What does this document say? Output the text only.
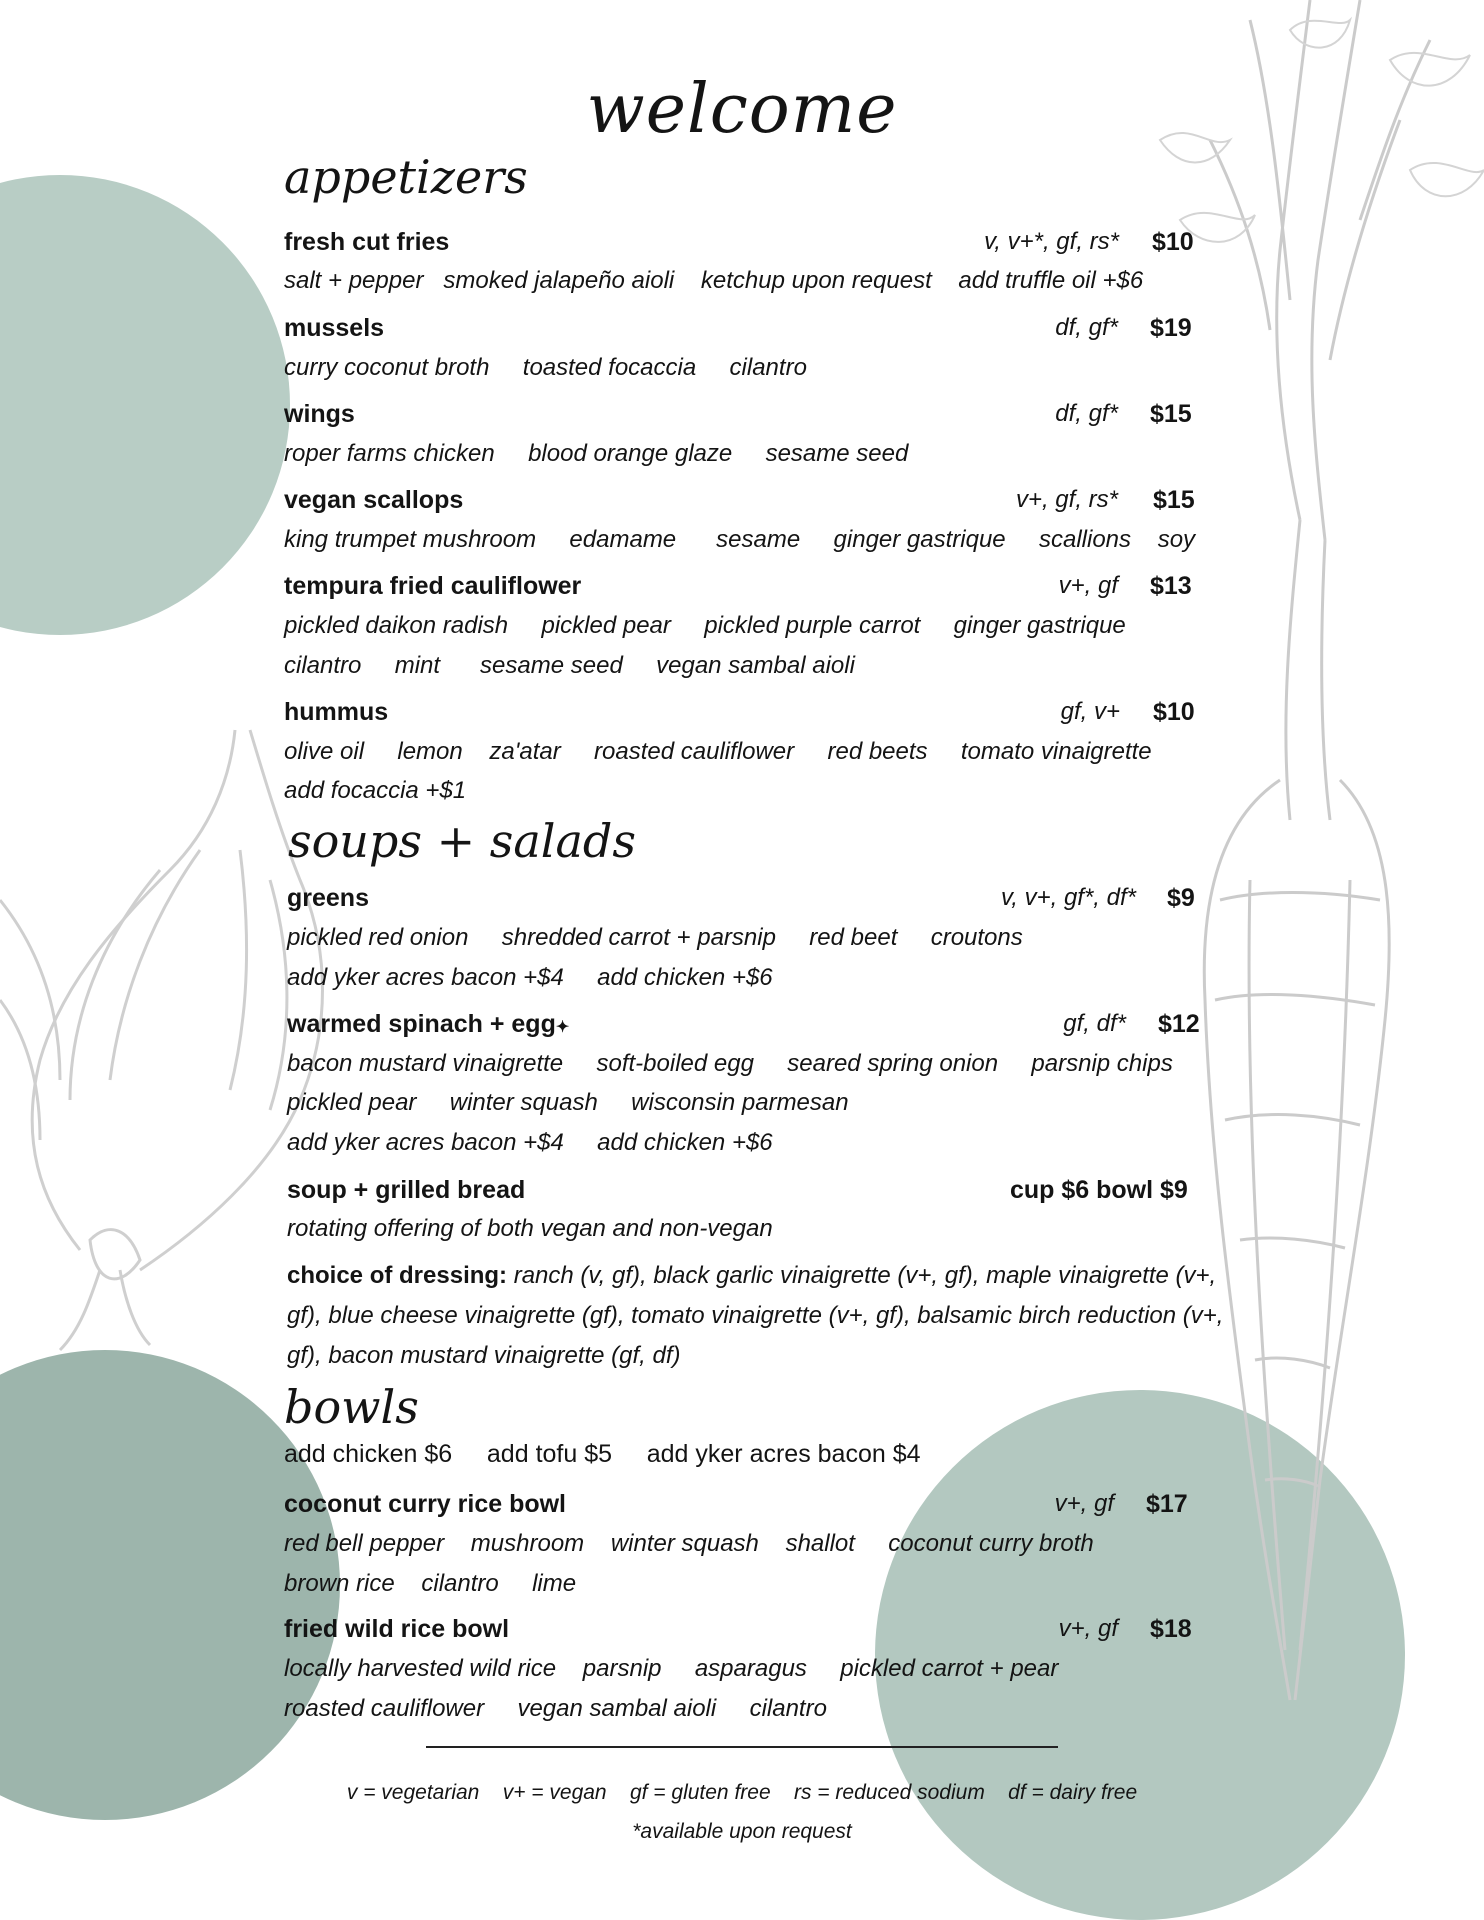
welcome
appetizers
fresh cut fries	v, v+*, gf, rs* $10
salt + pepper   smoked jalapeño aioli    ketchup upon request    add truffle oil +$6
mussels	df, gf* $19
curry coconut broth     toasted focaccia     cilantro
wings	df, gf* $15
roper farms chicken     blood orange glaze     sesame seed
vegan scallops	v+, gf, rs* $15
king trumpet mushroom     edamame      sesame     ginger gastrique     scallions    soy
tempura fried cauliflower	v+, gf $13
pickled daikon radish     pickled pear     pickled purple carrot     ginger gastrique
cilantro     mint      sesame seed     vegan sambal aioli
hummus	gf, v+ $10
olive oil     lemon    za'atar     roasted cauliflower     red beets     tomato vinaigrette
add focaccia +$1
soups + salads
greens	v, v+, gf*, df* $9
pickled red onion     shredded carrot + parsnip     red beet     croutons
add yker acres bacon +$4     add chicken +$6
warmed spinach + egg✦	gf, df* $12
bacon mustard vinaigrette     soft-boiled egg     seared spring onion     parsnip chips
pickled pear     winter squash     wisconsin parmesan
add yker acres bacon +$4     add chicken +$6
soup + grilled bread	cup $6 bowl $9
rotating offering of both vegan and non-vegan
choice of dressing: ranch (v, gf), black garlic vinaigrette (v+, gf), maple vinaigrette (v+, gf), blue cheese vinaigrette (gf), tomato vinaigrette (v+, gf), balsamic birch reduction (v+, gf), bacon mustard vinaigrette (gf, df)
bowls
add chicken $6     add tofu $5     add yker acres bacon $4
coconut curry rice bowl	v+, gf $17
red bell pepper    mushroom    winter squash    shallot     coconut curry broth
brown rice    cilantro     lime
fried wild rice bowl	v+, gf $18
locally harvested wild rice    parsnip     asparagus     pickled carrot + pear
roasted cauliflower     vegan sambal aioli     cilantro
v = vegetarian    v+ = vegan    gf = gluten free    rs = reduced sodium    df = dairy free
*available upon request
